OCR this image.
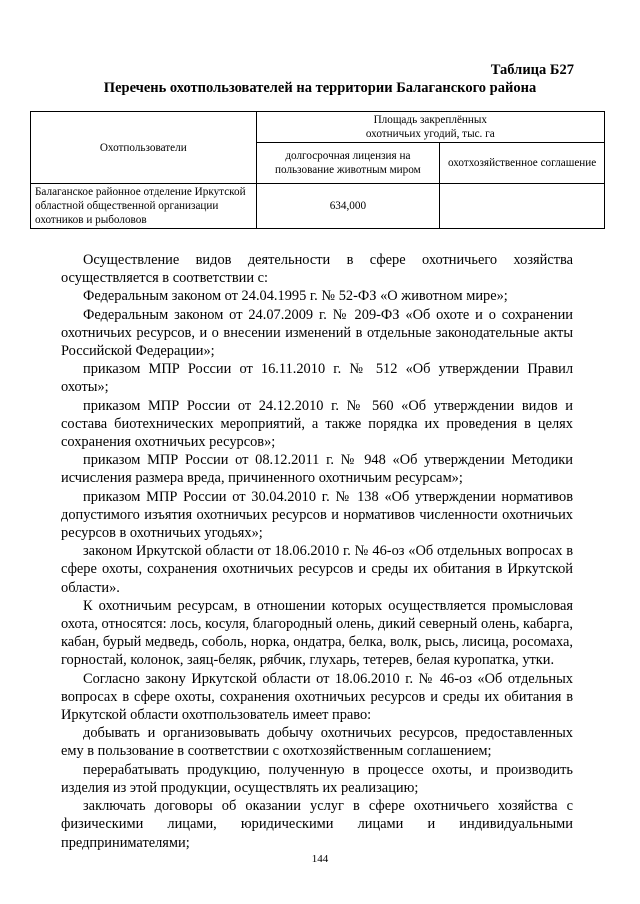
Таблица Б27
Перечень охотпользователей на территории Балаганского района
Охотпользователи	Площадь закреплённых
охотничьих угодий, тыс. га	
	долгосрочная лицензия на пользование животным миром	охотхозяйственное соглашение
Балаганское районное отделение Иркутской областной общественной организации охотников и рыболовов	634,000	

Осуществление видов деятельности в сфере охотничьего хозяйства осуществляется в соответствии с:

Федеральным законом от 24.04.1995 г. № 52-ФЗ «О животном мире»;

Федеральным законом от 24.07.2009 г. № 209-ФЗ «Об охоте и о сохранении охотничьих ресурсов, и о внесении изменений в отдельные законодательные акты Российской Федерации»;

приказом МПР России от 16.11.2010 г. № 512 «Об утверждении Правил охоты»;

приказом МПР России от 24.12.2010 г. № 560 «Об утверждении видов и состава биотехнических мероприятий, а также порядка их проведения в целях сохранения охотничьих ресурсов»;

приказом МПР России от 08.12.2011 г. № 948 «Об утверждении Методики исчисления размера вреда, причиненного охотничьим ресурсам»;

приказом МПР России от 30.04.2010 г. № 138 «Об утверждении нормативов допустимого изъятия охотничьих ресурсов и нормативов численности охотничьих ресурсов в охотничьих угодьях»;

законом Иркутской области от 18.06.2010 г. № 46-оз «Об отдельных вопросах в сфере охоты, сохранения охотничьих ресурсов и среды их обитания в Иркутской области».

К охотничьим ресурсам, в отношении которых осуществляется промысловая охота, относятся: лось, косуля, благородный олень, дикий северный олень, кабарга, кабан, бурый медведь, соболь, норка, ондатра, белка, волк, рысь, лисица, росомаха, горностай, колонок, заяц-беляк, рябчик, глухарь, тетерев, белая куропатка, утки.

Согласно закону Иркутской области от 18.06.2010 г. № 46-оз «Об отдельных вопросах в сфере охоты, сохранения охотничьих ресурсов и среды их обитания в Иркутской области охотпользователь имеет право:

добывать и организовывать добычу охотничьих ресурсов, предоставленных ему в пользование в соответствии с охотхозяйственным соглашением;

перерабатывать продукцию, полученную в процессе охоты, и производить изделия из этой продукции, осуществлять их реализацию;

заключать договоры об оказании услуг в сфере охотничьего хозяйства с физическими лицами, юридическими лицами и индивидуальными предпринимателями;

144
